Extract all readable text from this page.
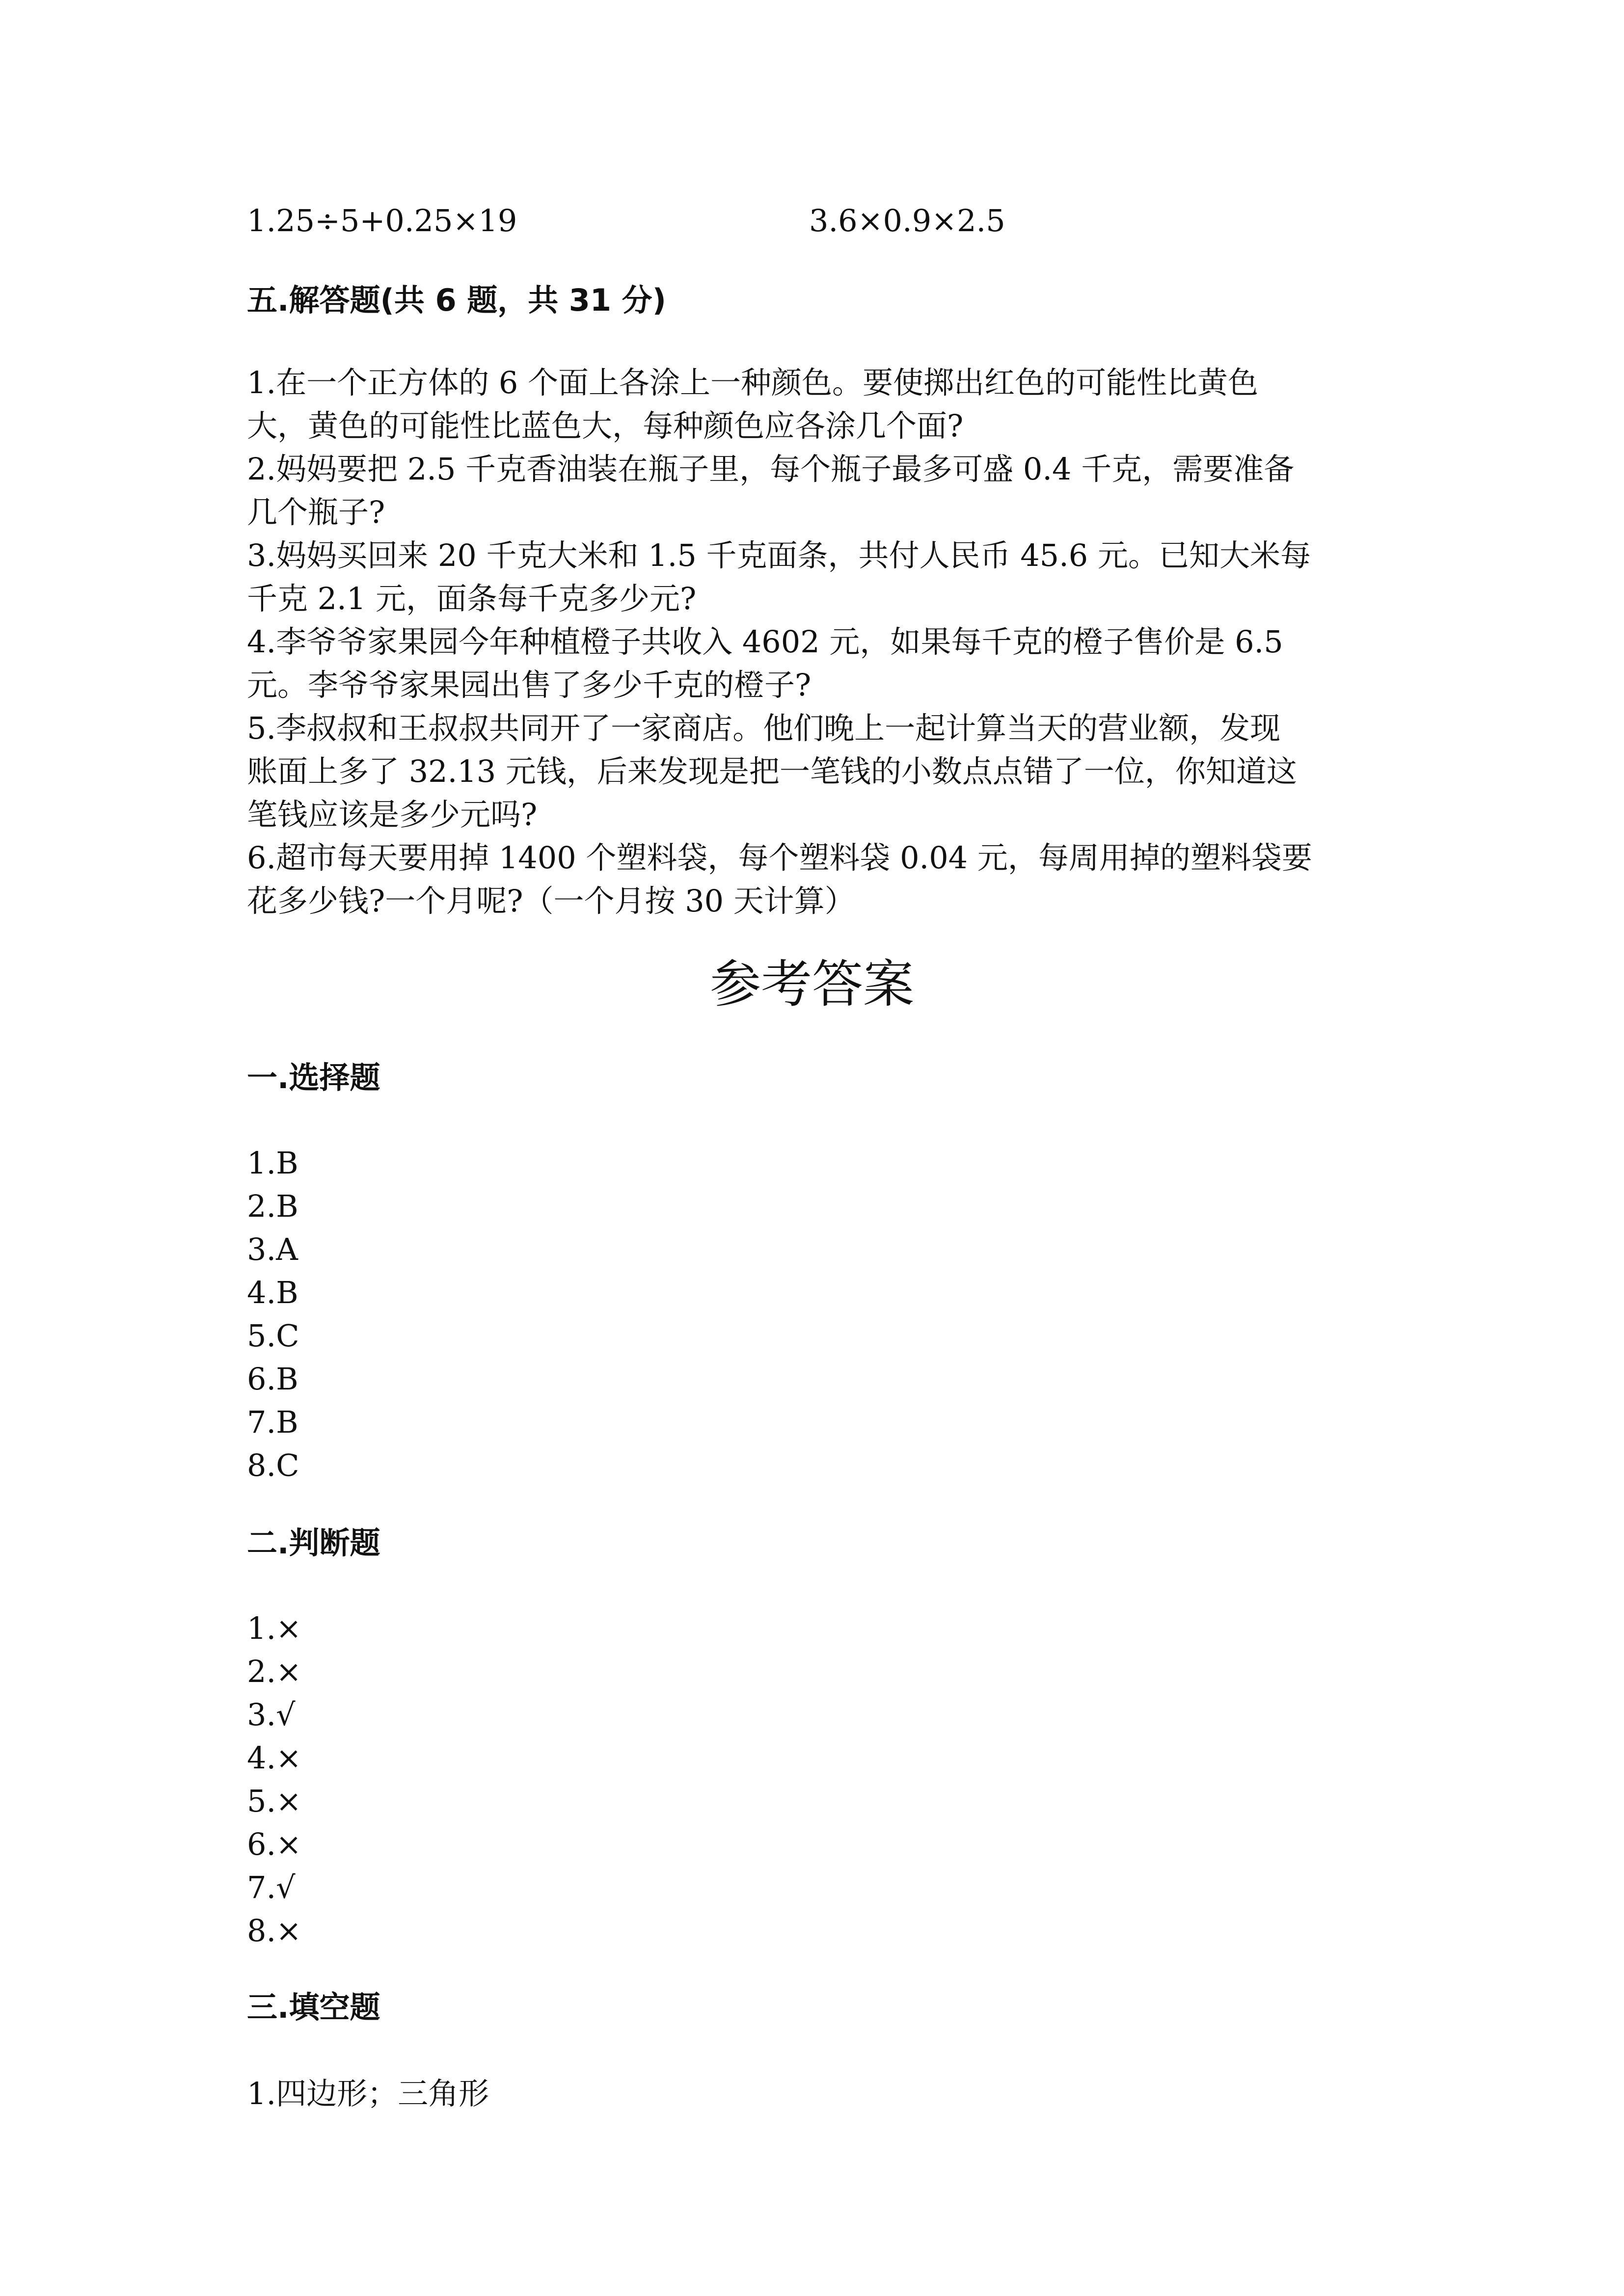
1.25÷5+0.25×19	3.6×0.9×2.5
五.解答题(共 6 题，共 31 分)
1.在一个正方体的 6 个面上各涂上一种颜色。要使掷出红色的可能性比黄色
大，黄色的可能性比蓝色大，每种颜色应各涂几个面?
2.妈妈要把 2.5 千克香油装在瓶子里，每个瓶子最多可盛 0.4 千克，需要准备
几个瓶子?
3.妈妈买回来 20 千克大米和 1.5 千克面条，共付人民币 45.6 元。已知大米每
千克 2.1 元，面条每千克多少元?
4.李爷爷家果园今年种植橙子共收入 4602 元，如果每千克的橙子售价是 6.5
元。李爷爷家果园出售了多少千克的橙子?
5.李叔叔和王叔叔共同开了一家商店。他们晚上一起计算当天的营业额，发现
账面上多了 32.13 元钱，后来发现是把一笔钱的小数点点错了一位，你知道这
笔钱应该是多少元吗?
6.超市每天要用掉 1400 个塑料袋，每个塑料袋 0.04 元，每周用掉的塑料袋要
花多少钱?一个月呢?（一个月按 30 天计算）
参考答案
一.选择题
1.B
2.B
3.A
4.B
5.C
6.B
7.B
8.C
二.判断题
1.×
2.×
3.√
4.×
5.×
6.×
7.√
8.×
三.填空题
1.四边形；三角形
